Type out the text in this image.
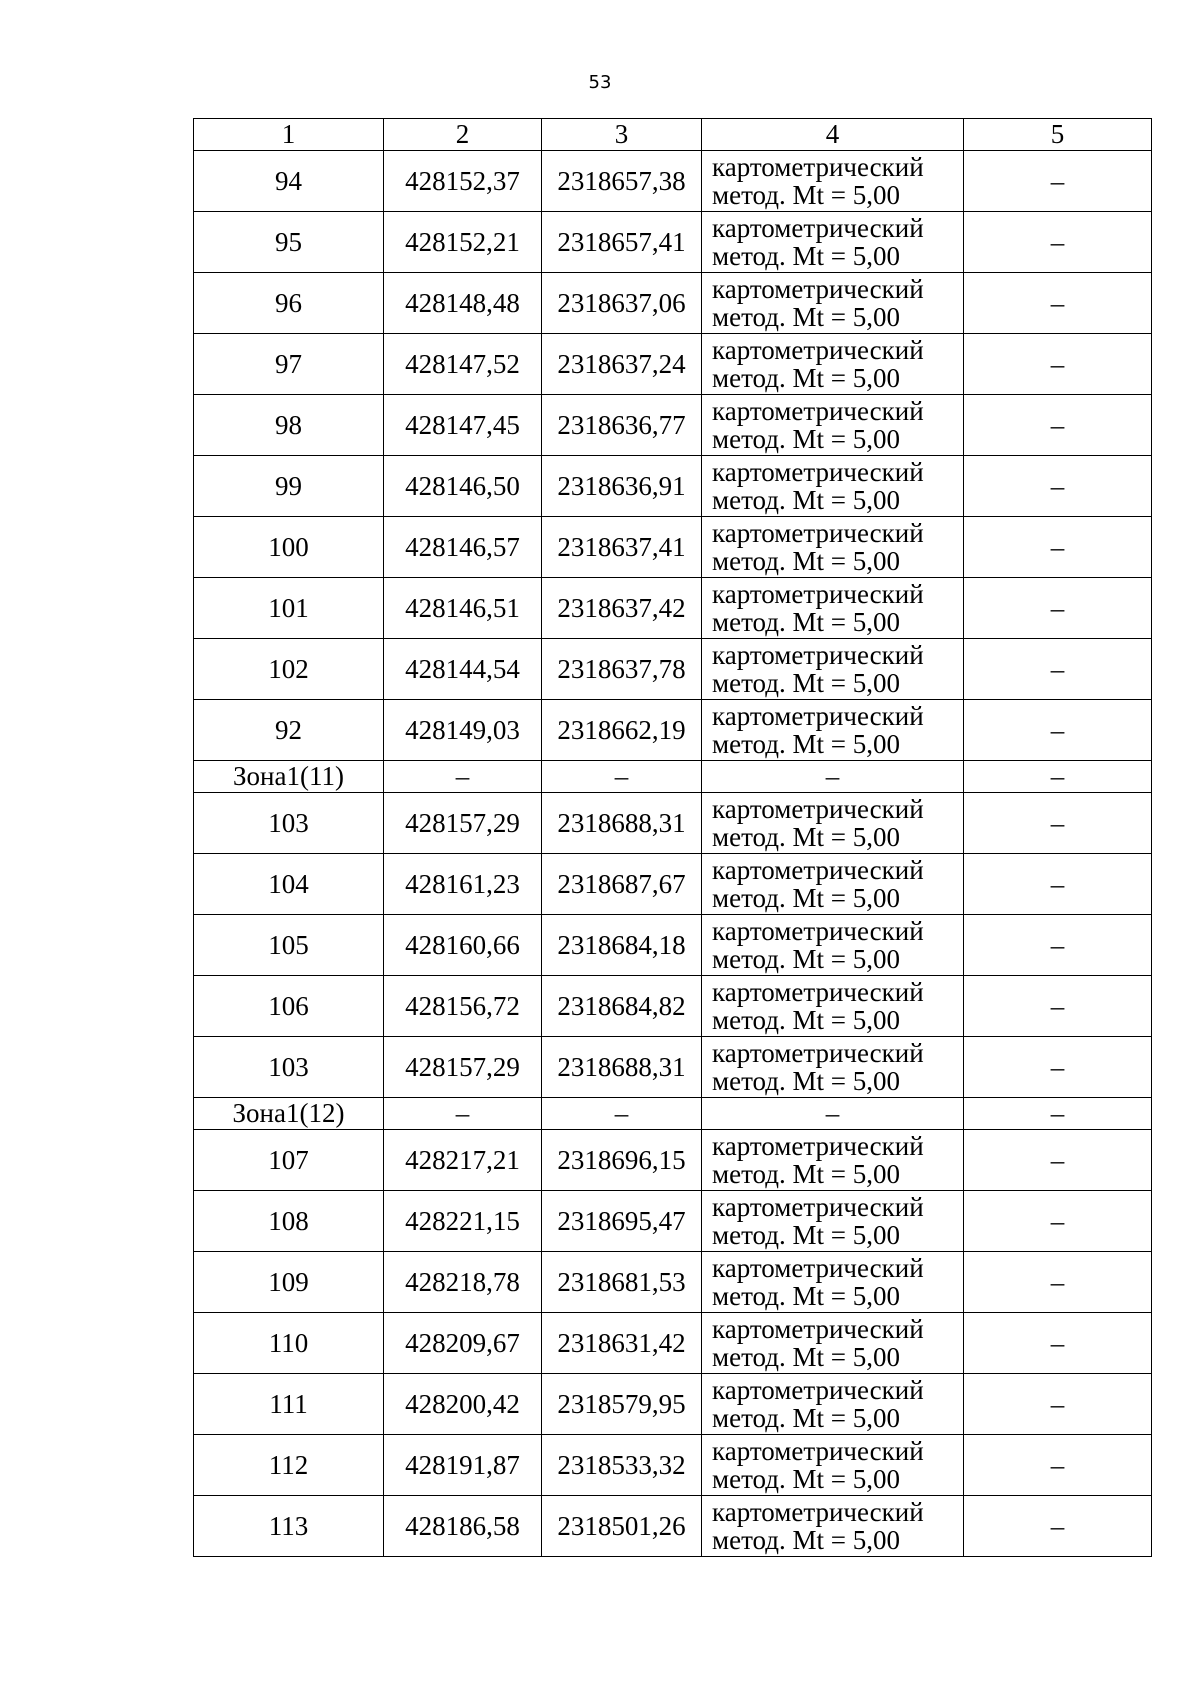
53
1	2	3	4	5
94	428152,37	2318657,38	картометрический
метод. Mt = 5,00	–
95	428152,21	2318657,41	картометрический
метод. Mt = 5,00	–
96	428148,48	2318637,06	картометрический
метод. Mt = 5,00	–
97	428147,52	2318637,24	картометрический
метод. Mt = 5,00	–
98	428147,45	2318636,77	картометрический
метод. Mt = 5,00	–
99	428146,50	2318636,91	картометрический
метод. Mt = 5,00	–
100	428146,57	2318637,41	картометрический
метод. Mt = 5,00	–
101	428146,51	2318637,42	картометрический
метод. Mt = 5,00	–
102	428144,54	2318637,78	картометрический
метод. Mt = 5,00	–
92	428149,03	2318662,19	картометрический
метод. Mt = 5,00	–
Зона1(11)	–	–	–	–
103	428157,29	2318688,31	картометрический
метод. Mt = 5,00	–
104	428161,23	2318687,67	картометрический
метод. Mt = 5,00	–
105	428160,66	2318684,18	картометрический
метод. Mt = 5,00	–
106	428156,72	2318684,82	картометрический
метод. Mt = 5,00	–
103	428157,29	2318688,31	картометрический
метод. Mt = 5,00	–
Зона1(12)	–	–	–	–
107	428217,21	2318696,15	картометрический
метод. Mt = 5,00	–
108	428221,15	2318695,47	картометрический
метод. Mt = 5,00	–
109	428218,78	2318681,53	картометрический
метод. Mt = 5,00	–
110	428209,67	2318631,42	картометрический
метод. Mt = 5,00	–
111	428200,42	2318579,95	картометрический
метод. Mt = 5,00	–
112	428191,87	2318533,32	картометрический
метод. Mt = 5,00	–
113	428186,58	2318501,26	картометрический
метод. Mt = 5,00	–
